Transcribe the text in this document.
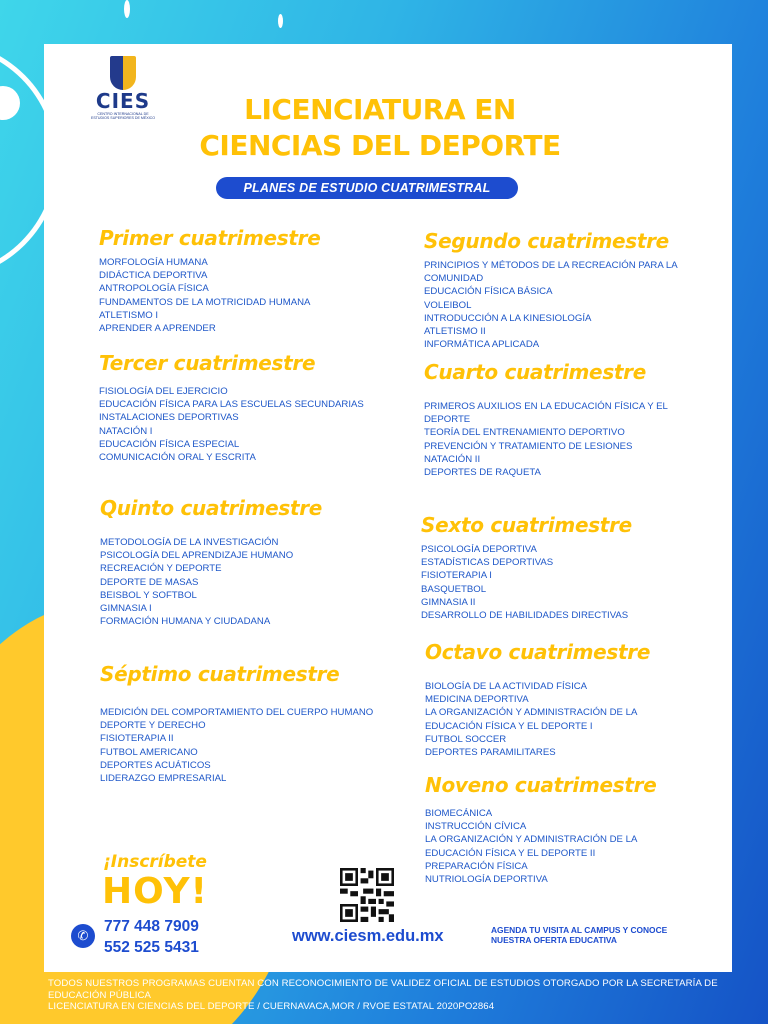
CIES
CENTRO INTERNACIONAL DE ESTUDIOS SUPERIORES DE MÉXICO	LICENCIATURA EN
CIENCIAS DEL DEPORTE
PLANES DE ESTUDIO CUATRIMESTRAL
Primer cuatrimestre
MORFOLOGÍA HUMANA
DIDÁCTICA DEPORTIVA
ANTROPOLOGÍA FÍSICA
FUNDAMENTOS DE LA MOTRICIDAD HUMANA
ATLETISMO I
APRENDER A APRENDER
Segundo cuatrimestre
PRINCIPIOS Y MÉTODOS DE LA RECREACIÓN PARA LA COMUNIDAD
EDUCACIÓN FÍSICA BÁSICA
VOLEIBOL
INTRODUCCIÓN A LA KINESIOLOGÍA
ATLETISMO II
INFORMÁTICA APLICADA
Tercer cuatrimestre
FISIOLOGÍA DEL EJERCICIO
EDUCACIÓN FÍSICA PARA LAS ESCUELAS SECUNDARIAS
INSTALACIONES DEPORTIVAS
NATACIÓN I
EDUCACIÓN FÍSICA ESPECIAL
COMUNICACIÓN ORAL Y ESCRITA
Cuarto cuatrimestre
PRIMEROS AUXILIOS EN LA EDUCACIÓN FÍSICA Y EL DEPORTE
TEORÍA DEL ENTRENAMIENTO DEPORTIVO
PREVENCIÓN Y TRATAMIENTO DE LESIONES
NATACIÓN II
DEPORTES DE RAQUETA
Quinto cuatrimestre
METODOLOGÍA DE LA INVESTIGACIÓN
PSICOLOGÍA DEL APRENDIZAJE HUMANO
RECREACIÓN Y DEPORTE
DEPORTE DE MASAS
BEISBOL Y SOFTBOL
GIMNASIA I
FORMACIÓN HUMANA Y CIUDADANA
Sexto cuatrimestre
PSICOLOGÍA DEPORTIVA
ESTADÍSTICAS DEPORTIVAS
FISIOTERAPIA I
BASQUETBOL
GIMNASIA II
DESARROLLO DE HABILIDADES DIRECTIVAS
Séptimo cuatrimestre
MEDICIÓN DEL COMPORTAMIENTO DEL CUERPO HUMANO
DEPORTE Y DERECHO
FISIOTERAPIA II
FUTBOL AMERICANO
DEPORTES ACUÁTICOS
LIDERAZGO EMPRESARIAL
Octavo cuatrimestre
BIOLOGÍA DE LA ACTIVIDAD FÍSICA
MEDICINA DEPORTIVA
LA ORGANIZACIÓN Y ADMINISTRACIÓN DE LA EDUCACIÓN FÍSICA Y EL DEPORTE I
FUTBOL SOCCER
DEPORTES PARAMILITARES
Noveno cuatrimestre
BIOMECÁNICA
INSTRUCCIÓN CÍVICA
LA ORGANIZACIÓN Y ADMINISTRACIÓN DE LA EDUCACIÓN FÍSICA Y EL DEPORTE II
PREPARACIÓN FÍSICA
NUTRIOLOGÍA DEPORTIVA
¡Inscríbete
HOY!
✆
777 448 7909
552 525 5431
www.ciesm.edu.mx	AGENDA TU VISITA AL CAMPUS Y CONOCE NUESTRA OFERTA EDUCATIVA
TODOS NUESTROS PROGRAMAS CUENTAN CON RECONOCIMIENTO DE VALIDEZ OFICIAL DE ESTUDIOS OTORGADO POR LA SECRETARÍA DE EDUCACIÓN PÚBLICA
LICENCIATURA EN CIENCIAS DEL DEPORTE / CUERNAVACA,MOR / RVOE ESTATAL 2020PO2864
